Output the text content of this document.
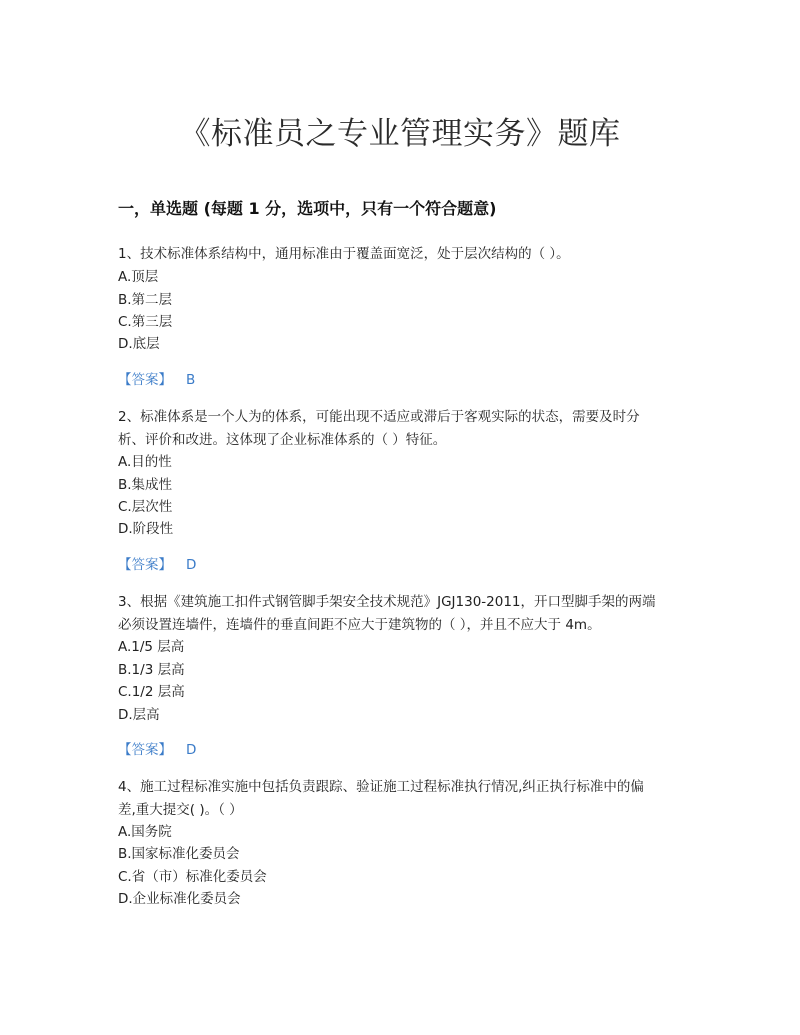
《标准员之专业管理实务》题库
一，单选题 (每题 1 分，选项中，只有一个符合题意)
1、技术标准体系结构中，通用标准由于覆盖面宽泛，处于层次结构的（ ）。
A.顶层
B.第二层
C.第三层
D.底层
【答案】 B
2、标准体系是一个人为的体系，可能出现不适应或滞后于客观实际的状态，需要及时分
析、评价和改进。这体现了企业标准体系的（ ）特征。
A.目的性
B.集成性
C.层次性
D.阶段性
【答案】 D
3、根据《建筑施工扣件式钢管脚手架安全技术规范》JGJ130-2011，开口型脚手架的两端
必须设置连墙件，连墙件的垂直间距不应大于建筑物的（ ），并且不应大于 4m。
A.1/5 层高
B.1/3 层高
C.1/2 层高
D.层高
【答案】 D
4、施工过程标准实施中包括负责跟踪、验证施工过程标准执行情况,纠正执行标准中的偏
差,重大提交( )。（ ）
A.国务院
B.国家标准化委员会
C.省（市）标准化委员会
D.企业标准化委员会
